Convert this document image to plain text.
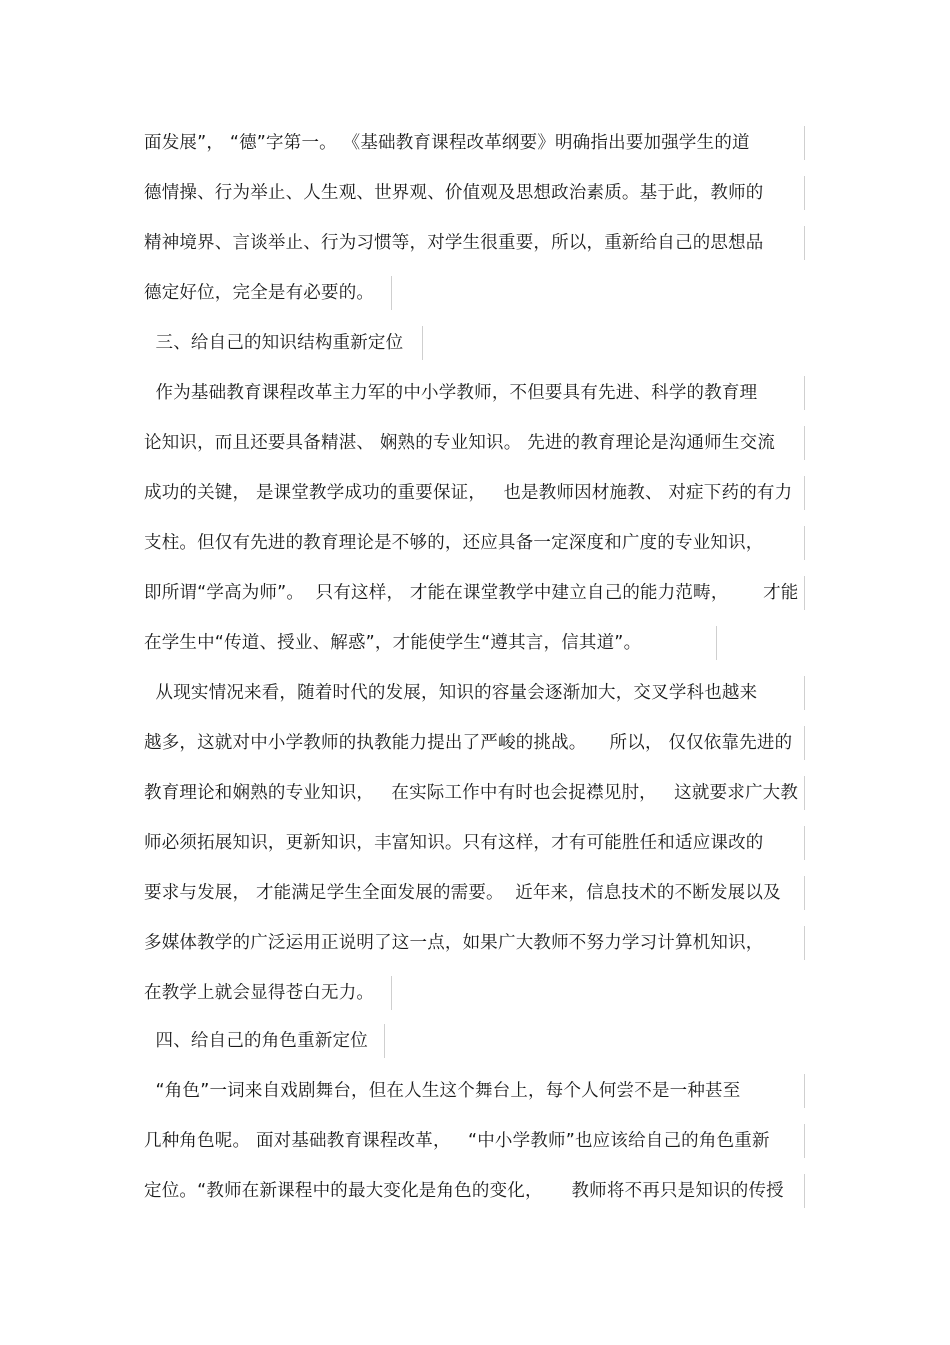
面发展”， “德”字第一。 《基础教育课程改革纲要》明确指出要加强学生的道
德情操、行为举止、人生观、世界观、价值观及思想政治素质。基于此，教师的
精神境界、言谈举止、行为习惯等，对学生很重要，所以，重新给自己的思想品
德定好位，完全是有必要的。
三、给自己的知识结构重新定位
作为基础教育课程改革主力军的中小学教师，不但要具有先进、科学的教育理
论知识，而且还要具备精湛、 娴熟的专业知识。 先进的教育理论是沟通师生交流
成功的关键， 是课堂教学成功的重要保证，   也是教师因材施教、 对症下药的有力
支柱。但仅有先进的教育理论是不够的，还应具备一定深度和广度的专业知识，
即所谓“学高为师”。  只有这样， 才能在课堂教学中建立自己的能力范畴，      才能
在学生中“传道、授业、解惑”，才能使学生“遵其言，信其道”。
从现实情况来看，随着时代的发展，知识的容量会逐渐加大，交叉学科也越来
越多，这就对中小学教师的执教能力提出了严峻的挑战。    所以， 仅仅依靠先进的
教育理论和娴熟的专业知识，   在实际工作中有时也会捉襟见肘，   这就要求广大教
师必须拓展知识，更新知识，丰富知识。只有这样，才有可能胜任和适应课改的
要求与发展， 才能满足学生全面发展的需要。  近年来，信息技术的不断发展以及
多媒体教学的广泛运用正说明了这一点，如果广大教师不努力学习计算机知识，
在教学上就会显得苍白无力。
四、给自己的角色重新定位
“角色”一词来自戏剧舞台，但在人生这个舞台上，每个人何尝不是一种甚至
几种角色呢。 面对基础教育课程改革，   “中小学教师”也应该给自己的角色重新
定位。“教师在新课程中的最大变化是角色的变化，     教师将不再只是知识的传授
